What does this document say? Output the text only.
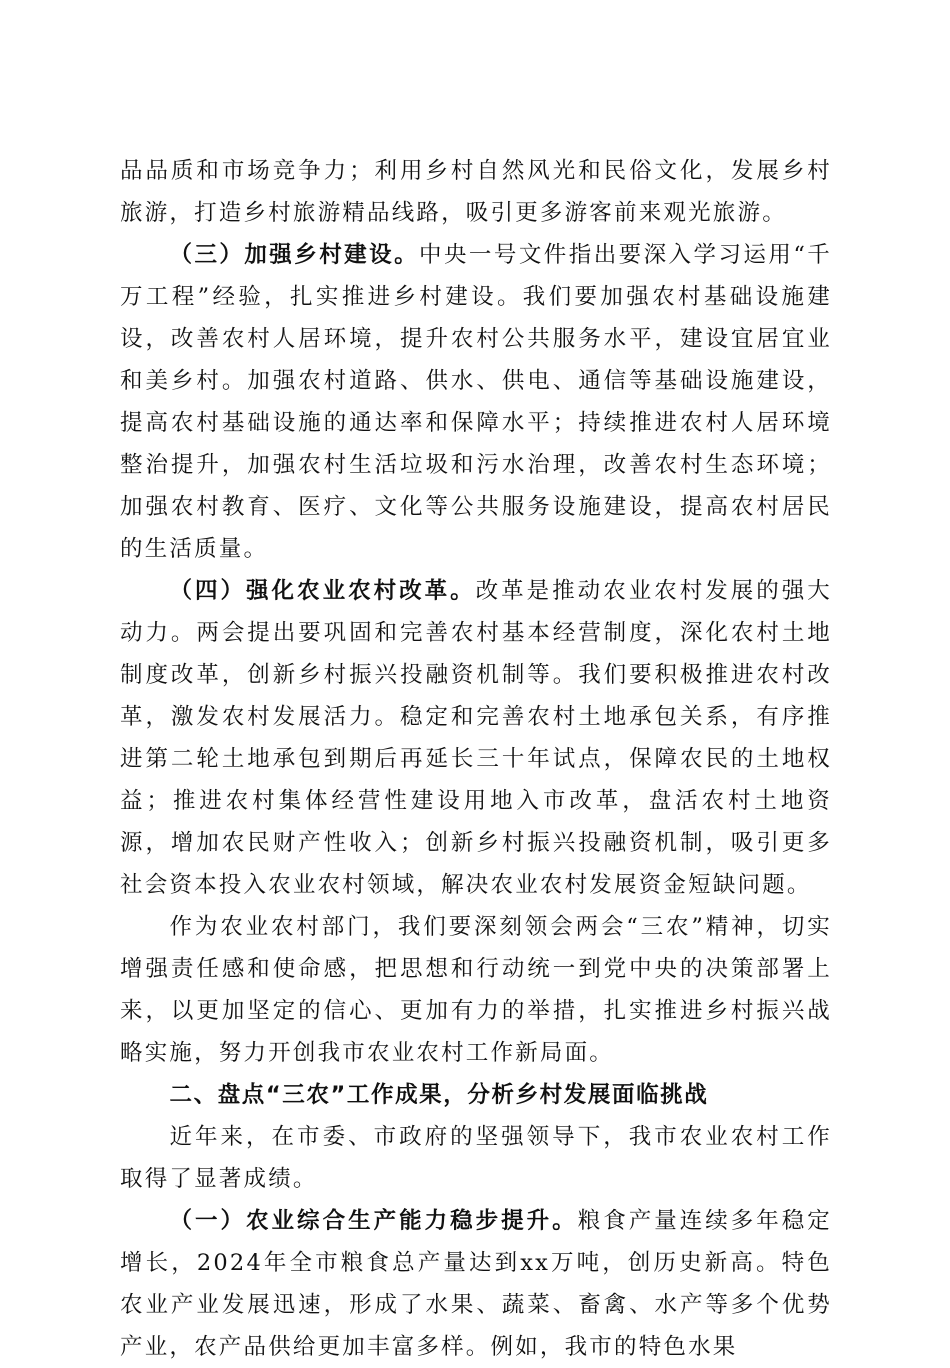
品品质和市场竞争力；利用乡村自然风光和民俗文化，发展乡村旅游，打造乡村旅游精品线路，吸引更多游客前来观光旅游。

（三）加强乡村建设。中央一号文件指出要深入学习运用“千万工程”经验，扎实推进乡村建设。我们要加强农村基础设施建设，改善农村人居环境，提升农村公共服务水平，建设宜居宜业和美乡村。加强农村道路、供水、供电、通信等基础设施建设，提高农村基础设施的通达率和保障水平；持续推进农村人居环境整治提升，加强农村生活垃圾和污水治理，改善农村生态环境；加强农村教育、医疗、文化等公共服务设施建设，提高农村居民的生活质量。

（四）强化农业农村改革。改革是推动农业农村发展的强大动力。两会提出要巩固和完善农村基本经营制度，深化农村土地制度改革，创新乡村振兴投融资机制等。我们要积极推进农村改革，激发农村发展活力。稳定和完善农村土地承包关系，有序推进第二轮土地承包到期后再延长三十年试点，保障农民的土地权益；推进农村集体经营性建设用地入市改革，盘活农村土地资源，增加农民财产性收入；创新乡村振兴投融资机制，吸引更多社会资本投入农业农村领域，解决农业农村发展资金短缺问题。

作为农业农村部门，我们要深刻领会两会“三农”精神，切实增强责任感和使命感，把思想和行动统一到党中央的决策部署上来，以更加坚定的信心、更加有力的举措，扎实推进乡村振兴战略实施，努力开创我市农业农村工作新局面。

二、盘点“三农”工作成果，分析乡村发展面临挑战

近年来，在市委、市政府的坚强领导下，我市农业农村工作取得了显著成绩。

（一）农业综合生产能力稳步提升。粮食产量连续多年稳定增长，2024年全市粮食总产量达到xx万吨，创历史新高。特色农业产业发展迅速，形成了水果、蔬菜、畜禽、水产等多个优势产业，农产品供给更加丰富多样。例如，我市的特色水果
